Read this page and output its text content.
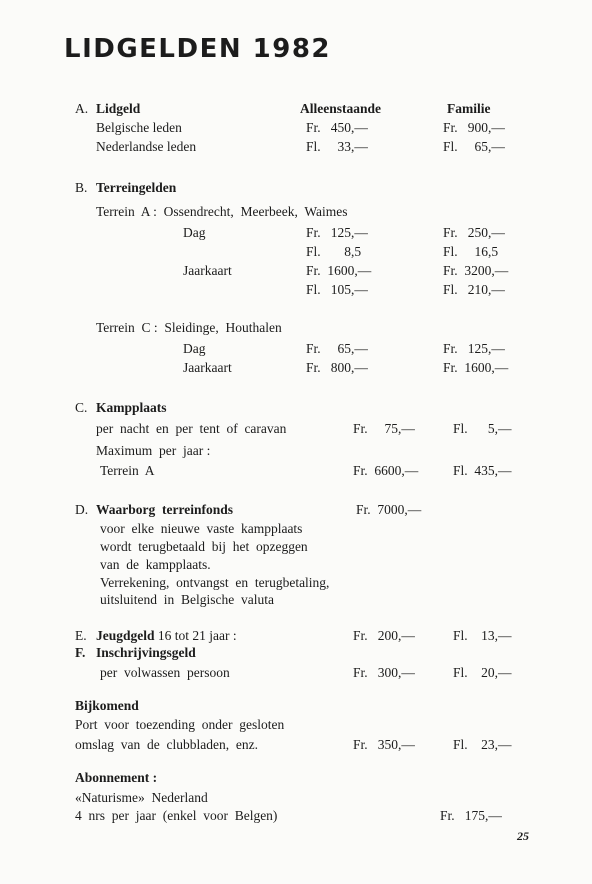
LIDGELDEN 1982
A. Lidgeld	Alleenstaande	Familie
Belgische leden	Fr.   450,—	Fr.   900,—
Nederlandse leden	Fl.     33,—	Fl.     65,—
B. Terreingelden
Terrein  A :  Ossendrecht,  Meerbeek,  Waimes
Dag	Fr.   125,—	Fr.   250,—
Fl.       8,5	Fl.     16,5
Jaarkaart	Fr.  1600,—	Fr.  3200,—
Fl.   105,—	Fl.   210,—
Terrein  C :  Sleidinge,  Houthalen
Dag	Fr.     65,—	Fr.   125,—
Jaarkaart	Fr.   800,—	Fr.  1600,—
C. Kampplaats
per  nacht  en  per  tent  of  caravan	Fr.     75,—	Fl.      5,—
Maximum  per  jaar :
Terrein  A	Fr.  6600,—	Fl.  435,—
D. Waarborg  terreinfonds	Fr.  7000,—
voor  elke  nieuwe  vaste  kampplaats
wordt  terugbetaald  bij  het  opzeggen
van  de  kampplaats.
Verrekening,  ontvangst  en  terugbetaling,
uitsluitend  in  Belgische  valuta
E. Jeugdgeld 16 tot 21 jaar :	Fr.   200,—	Fl.    13,—
F. Inschrijvingsgeld
per  volwassen  persoon	Fr.   300,—	Fl.    20,—
Bijkomend
Port  voor  toezending  onder  gesloten
omslag  van  de  clubbladen,  enz.	Fr.   350,—	Fl.    23,—
Abonnement :
«Naturisme»  Nederland
4  nrs  per  jaar  (enkel  voor  Belgen)	Fr.   175,—
25
